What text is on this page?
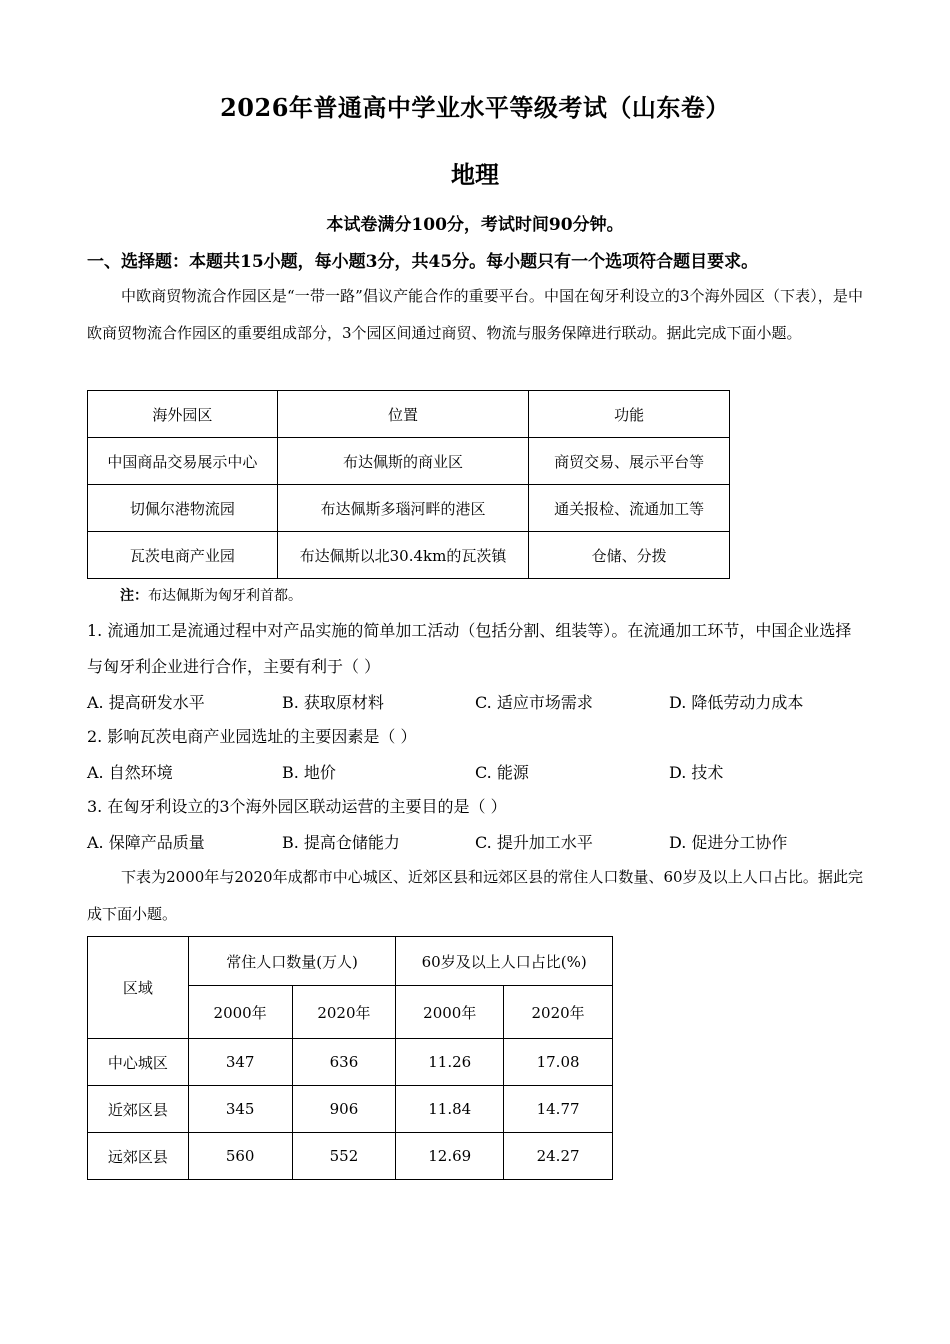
2026年普通高中学业水平等级考试（山东卷）
地理
本试卷满分100分，考试时间90分钟。
一、选择题：本题共15小题，每小题3分，共45分。每小题只有一个选项符合题目要求。
中欧商贸物流合作园区是“一带一路”倡议产能合作的重要平台。中国在匈牙利设立的3个海外园区（下表），是中欧商贸物流合作园区的重要组成部分，3个园区间通过商贸、物流与服务保障进行联动。据此完成下面小题。
海外园区	位置	功能
中国商品交易展示中心	布达佩斯的商业区	商贸交易、展示平台等
切佩尔港物流园	布达佩斯多瑙河畔的港区	通关报检、流通加工等
瓦茨电商产业园	布达佩斯以北30.4km的瓦茨镇	仓储、分拨
注：布达佩斯为匈牙利首都。
1. 流通加工是流通过程中对产品实施的简单加工活动（包括分割、组装等）。在流通加工环节，中国企业选择与匈牙利企业进行合作，主要有利于（ ）
A. 提高研发水平	B. 获取原材料	C. 适应市场需求	D. 降低劳动力成本
2. 影响瓦茨电商产业园选址的主要因素是（ ）
A. 自然环境	B. 地价	C. 能源	D. 技术
3. 在匈牙利设立的3个海外园区联动运营的主要目的是（ ）
A. 保障产品质量	B. 提高仓储能力	C. 提升加工水平	D. 促进分工协作
下表为2000年与2020年成都市中心城区、近郊区县和远郊区县的常住人口数量、60岁及以上人口占比。据此完成下面小题。
区域	常住人口数量(万人)		60岁及以上人口占比(%)	
	2000年	2020年	2000年	2020年
中心城区	347	636	11.26	17.08
近郊区县	345	906	11.84	14.77
远郊区县	560	552	12.69	24.27
